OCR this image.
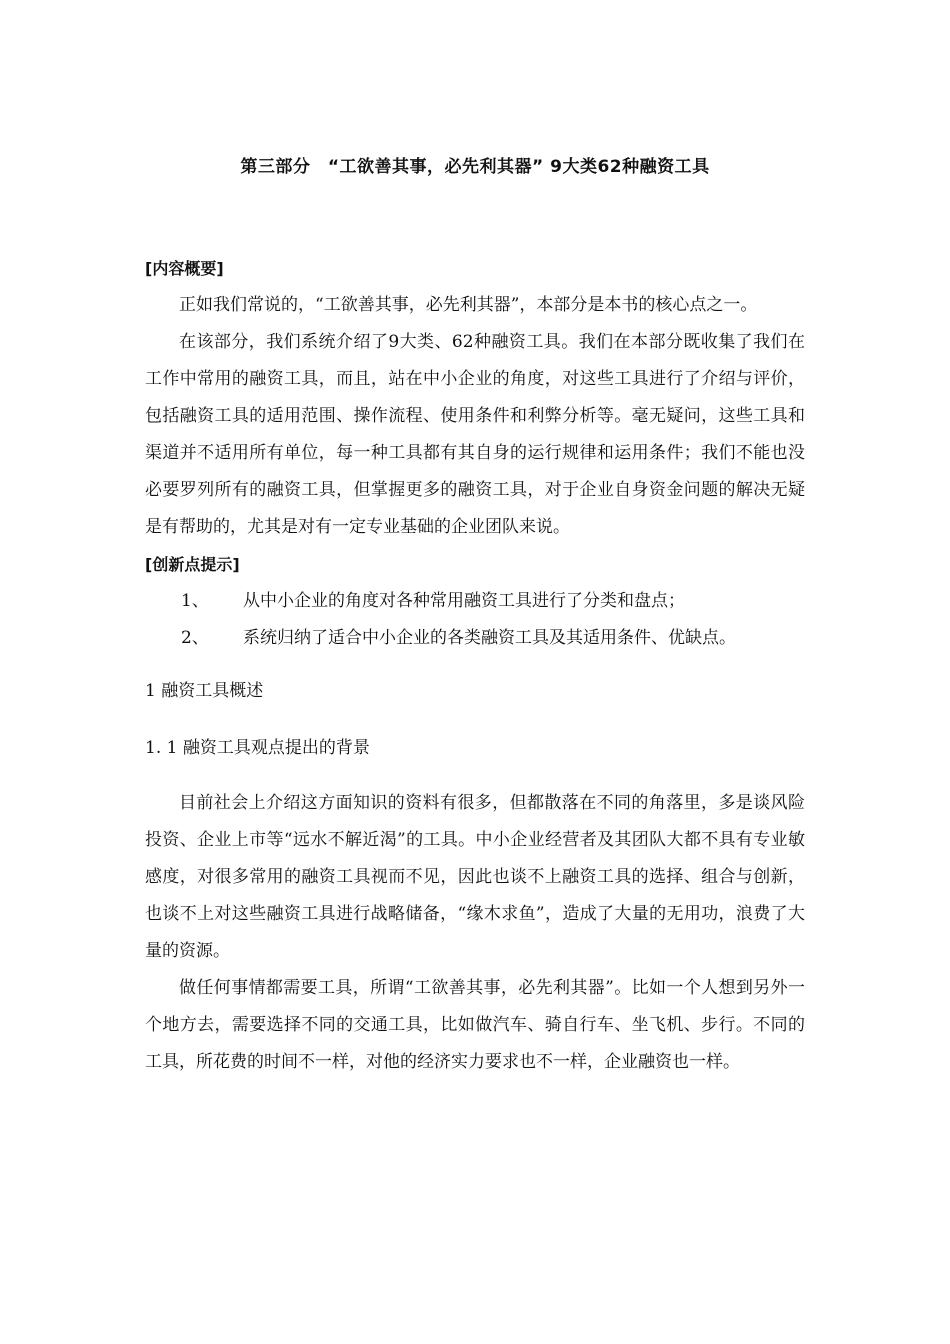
第三部分　“工欲善其事，必先利其器” 9大类62种融资工具

[内容概要]

正如我们常说的，“工欲善其事，必先利其器”，本部分是本书的核心点之一。

在该部分，我们系统介绍了9大类、62种融资工具。我们在本部分既收集了我们在工作中常用的融资工具，而且，站在中小企业的角度，对这些工具进行了介绍与评价，包括融资工具的适用范围、操作流程、使用条件和利弊分析等。毫无疑问，这些工具和渠道并不适用所有单位，每一种工具都有其自身的运行规律和运用条件；我们不能也没必要罗列所有的融资工具，但掌握更多的融资工具，对于企业自身资金问题的解决无疑是有帮助的，尤其是对有一定专业基础的企业团队来说。

[创新点提示]

1、	从中小企业的角度对各种常用融资工具进行了分类和盘点；
2、	系统归纳了适合中小企业的各类融资工具及其适用条件、优缺点。

1 融资工具概述

1. 1 融资工具观点提出的背景

目前社会上介绍这方面知识的资料有很多，但都散落在不同的角落里，多是谈风险投资、企业上市等“远水不解近渴”的工具。中小企业经营者及其团队大都不具有专业敏感度，对很多常用的融资工具视而不见，因此也谈不上融资工具的选择、组合与创新，也谈不上对这些融资工具进行战略储备，“缘木求鱼”，造成了大量的无用功，浪费了大量的资源。

做任何事情都需要工具，所谓“工欲善其事，必先利其器”。比如一个人想到另外一个地方去，需要选择不同的交通工具，比如做汽车、骑自行车、坐飞机、步行。不同的工具，所花费的时间不一样，对他的经济实力要求也不一样，企业融资也一样。
